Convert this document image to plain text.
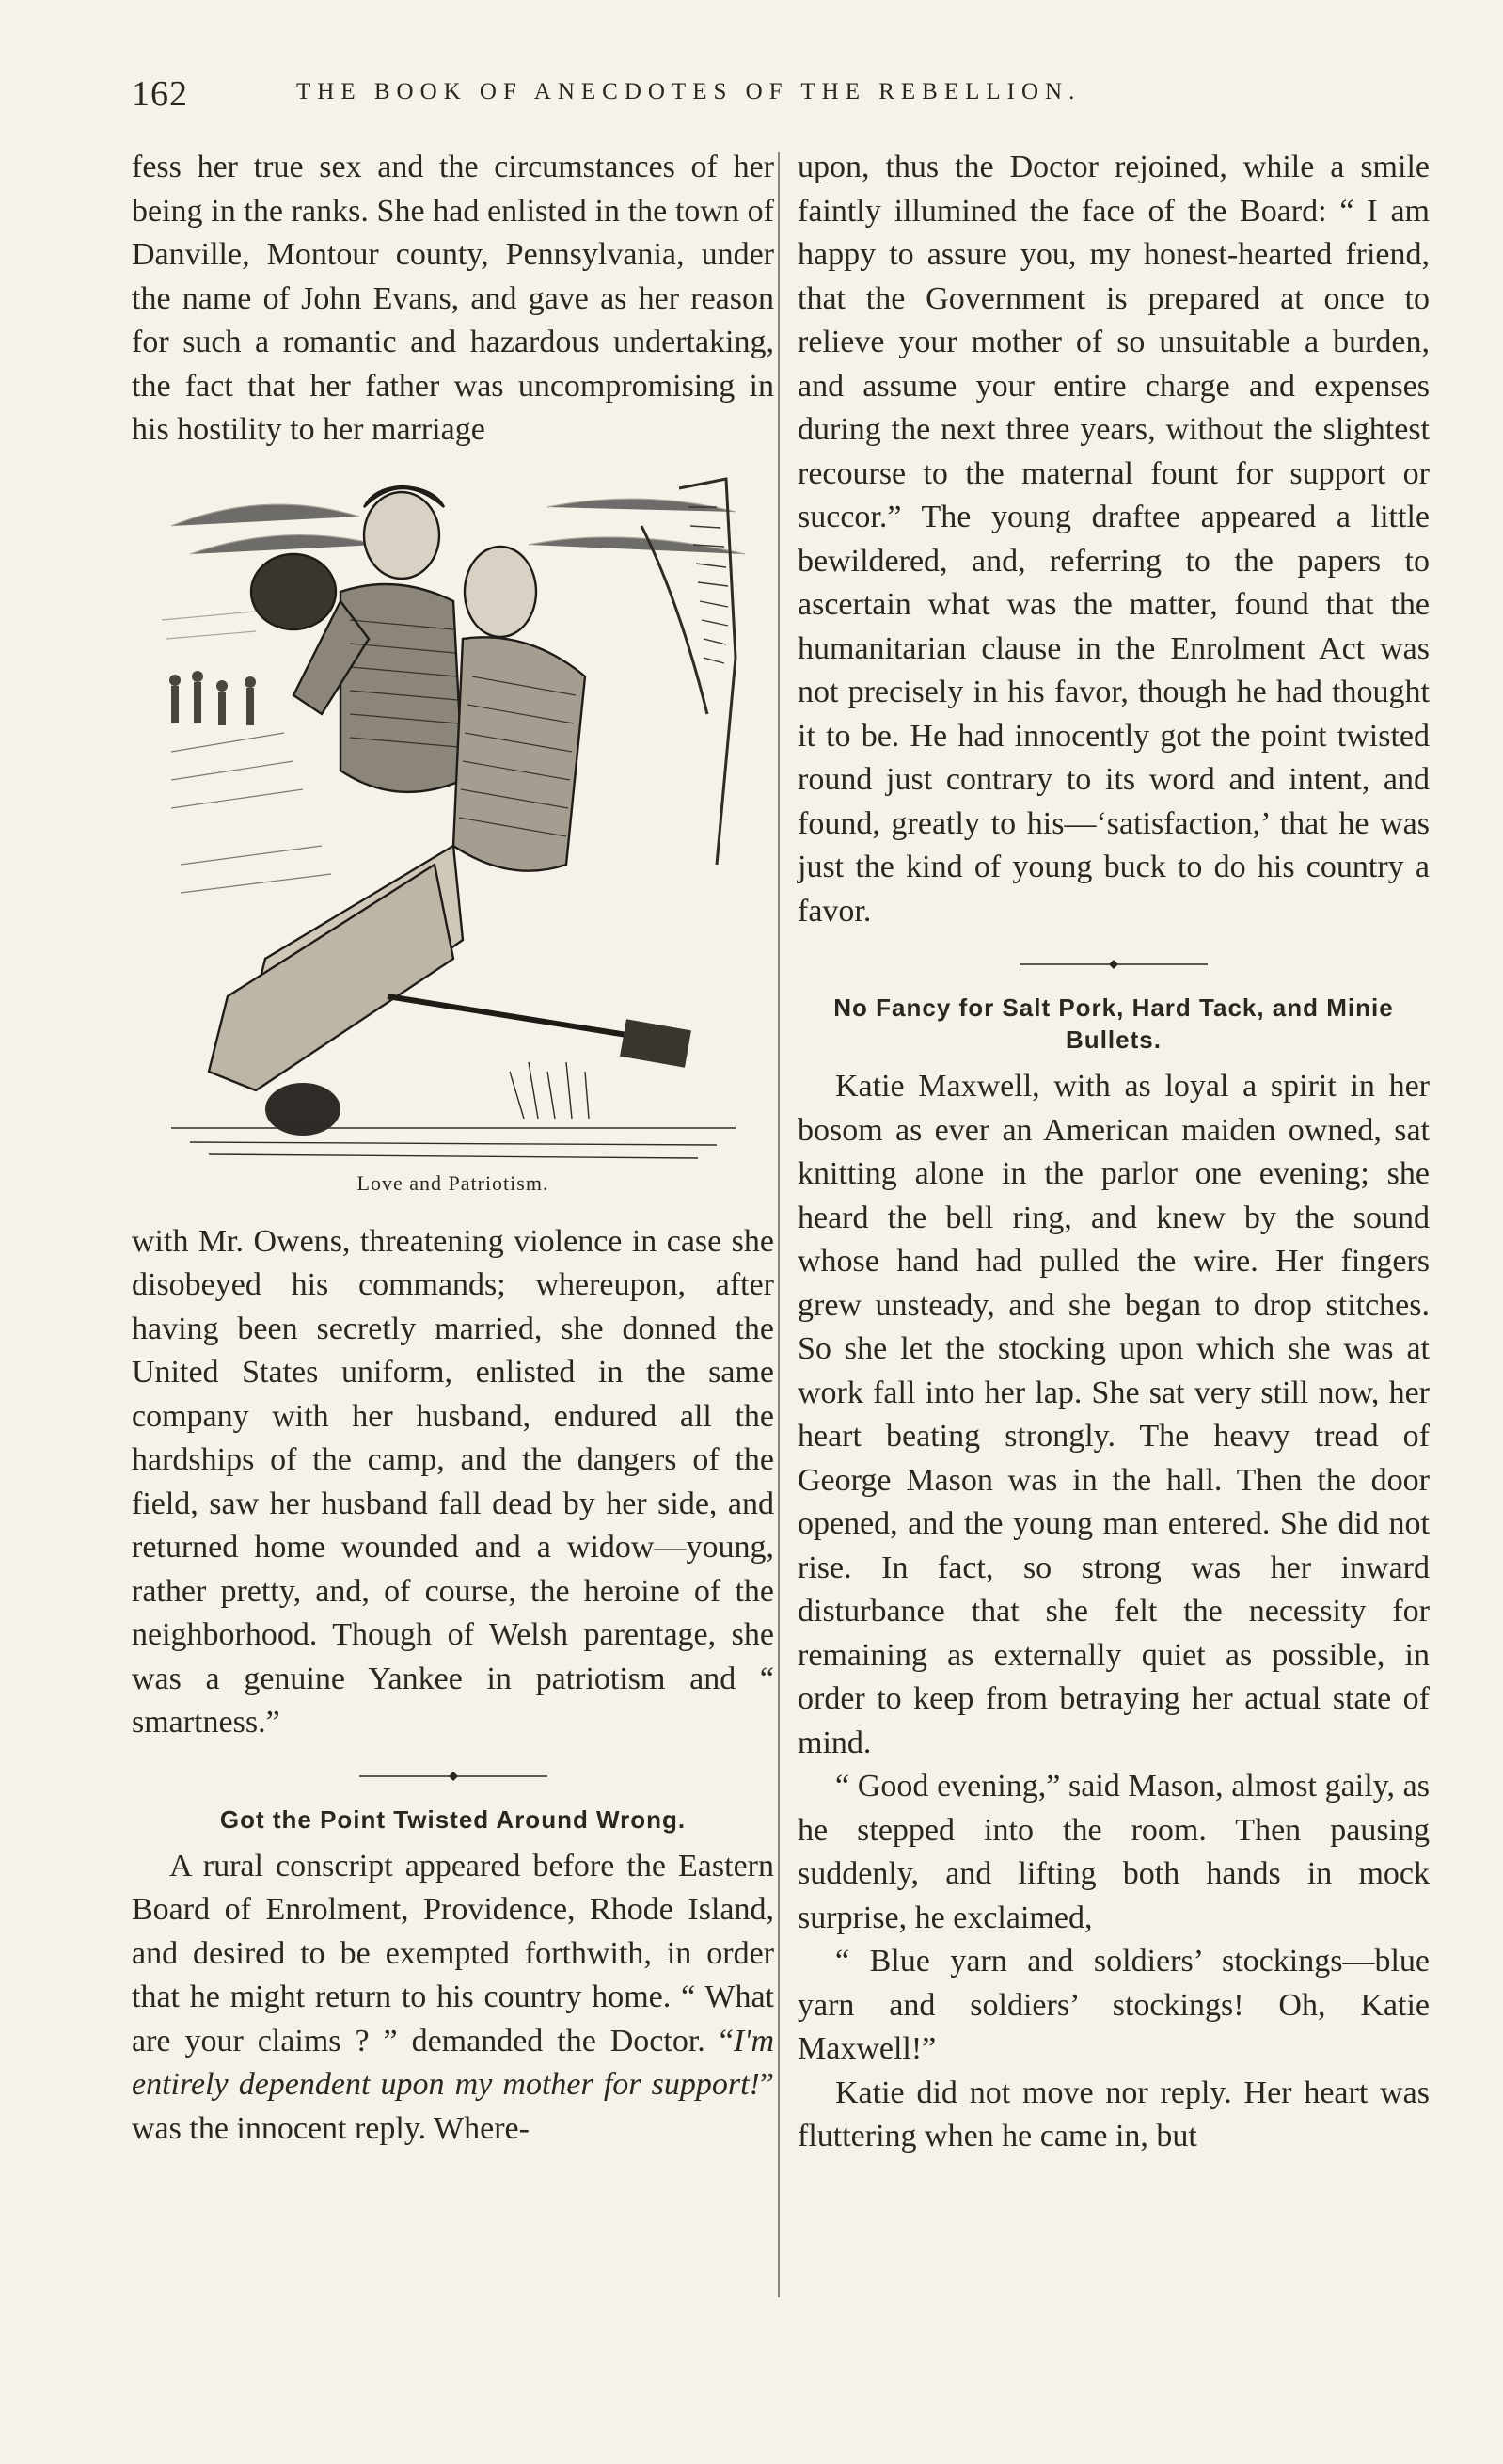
162	THE BOOK OF ANECDOTES OF THE REBELLION.

fess her true sex and the circumstances of her being in the ranks. She had enlisted in the town of Danville, Montour county, Pennsylvania, under the name of John Evans, and gave as her reason for such a romantic and hazardous undertaking, the fact that her father was uncompromising in his hostility to her marriage

Love and Patriotism.

with Mr. Owens, threatening violence in case she disobeyed his commands; whereupon, after having been secretly married, she donned the United States uniform, enlisted in the same company with her husband, endured all the hardships of the camp, and the dangers of the field, saw her husband fall dead by her side, and returned home wounded and a widow—young, rather pretty, and, of course, the heroine of the neighborhood. Though of Welsh parentage, she was a genuine Yankee in patriotism and “ smartness.”

Got the Point Twisted Around Wrong.

A rural conscript appeared before the Eastern Board of Enrolment, Providence, Rhode Island, and desired to be exempted forthwith, in order that he might return to his country home. “ What are your claims ? ” demanded the Doctor. “I'm entirely dependent upon my mother for support!” was the innocent reply. Where-

upon, thus the Doctor rejoined, while a smile faintly illumined the face of the Board: “ I am happy to assure you, my honest-hearted friend, that the Government is prepared at once to relieve your mother of so unsuitable a burden, and assume your entire charge and expenses during the next three years, without the slightest recourse to the maternal fount for support or succor.” The young draftee appeared a little bewildered, and, referring to the papers to ascertain what was the matter, found that the humanitarian clause in the Enrolment Act was not precisely in his favor, though he had thought it to be. He had innocently got the point twisted round just contrary to its word and intent, and found, greatly to his—‘satisfaction,’ that he was just the kind of young buck to do his country a favor.

No Fancy for Salt Pork, Hard Tack, and Minie Bullets.

Katie Maxwell, with as loyal a spirit in her bosom as ever an American maiden owned, sat knitting alone in the parlor one evening; she heard the bell ring, and knew by the sound whose hand had pulled the wire. Her fingers grew unsteady, and she began to drop stitches. So she let the stocking upon which she was at work fall into her lap. She sat very still now, her heart beating strongly. The heavy tread of George Mason was in the hall. Then the door opened, and the young man entered. She did not rise. In fact, so strong was her inward disturbance that she felt the necessity for remaining as externally quiet as possible, in order to keep from betraying her actual state of mind.

“ Good evening,” said Mason, almost gaily, as he stepped into the room. Then pausing suddenly, and lifting both hands in mock surprise, he exclaimed,

“ Blue yarn and soldiers’ stockings—blue yarn and soldiers’ stockings! Oh, Katie Maxwell!”

Katie did not move nor reply. Her heart was fluttering when he came in, but
